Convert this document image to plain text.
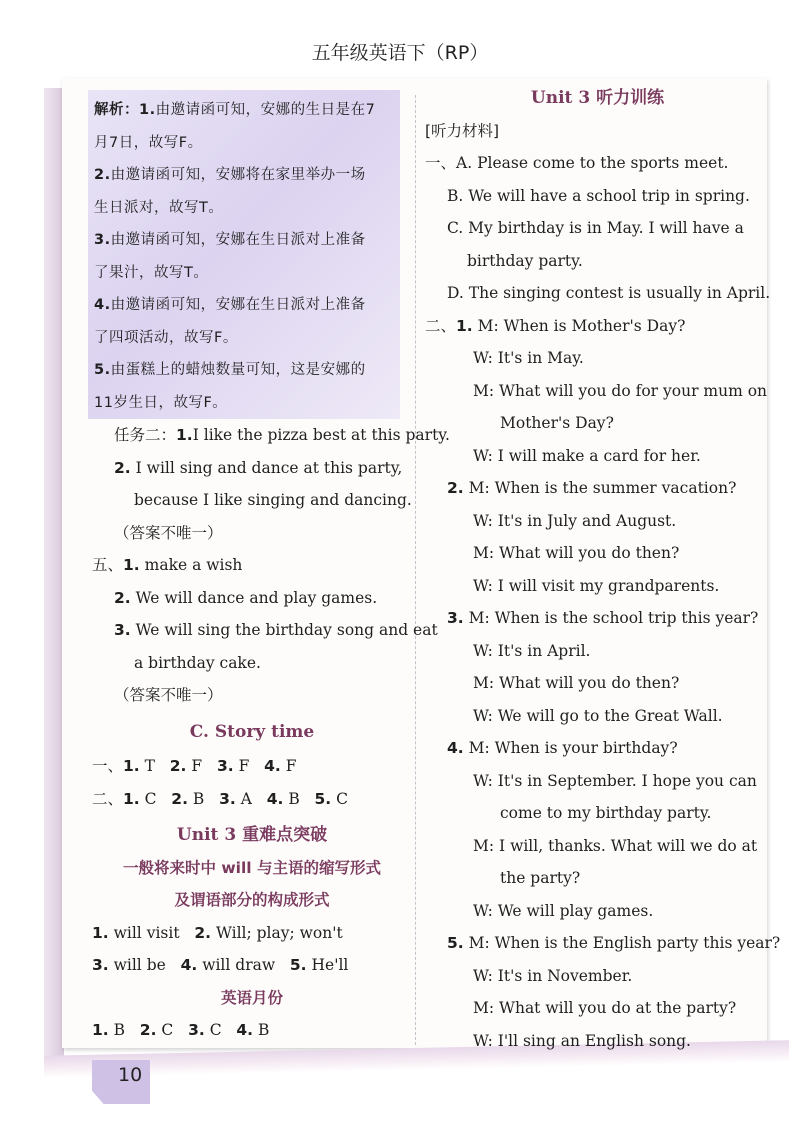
五年级英语下（RP）
10
解析：1.由邀请函可知，安娜的生日是在7
月7日，故写F。
2.由邀请函可知，安娜将在家里举办一场
生日派对，故写T。
3.由邀请函可知，安娜在生日派对上准备
了果汁，故写T。
4.由邀请函可知，安娜在生日派对上准备
了四项活动，故写F。
5.由蛋糕上的蜡烛数量可知，这是安娜的
11岁生日，故写F。
任务二：1.I like the pizza best at this party.
2. I will sing and dance at this party,
because I like singing and dancing.
（答案不唯一）
五、1. make a wish
2. We will dance and play games.
3. We will sing the birthday song and eat
a birthday cake.
（答案不唯一）
C. Story time
一、1. T 2. F 3. F 4. F
二、1. C 2. B 3. A 4. B 5. C
Unit 3 重难点突破
一般将来时中 will 与主语的缩写形式
及谓语部分的构成形式
1. will visit 2. Will; play; won't
3. will be 4. will draw 5. He'll
英语月份
1. B 2. C 3. C 4. B
Unit 3 听力训练
[听力材料]
一、A. Please come to the sports meet.
B. We will have a school trip in spring.
C. My birthday is in May. I will have a
birthday party.
D. The singing contest is usually in April.
二、1. M: When is Mother's Day?
W: It's in May.
M: What will you do for your mum on
Mother's Day?
W: I will make a card for her.
2. M: When is the summer vacation?
W: It's in July and August.
M: What will you do then?
W: I will visit my grandparents.
3. M: When is the school trip this year?
W: It's in April.
M: What will you do then?
W: We will go to the Great Wall.
4. M: When is your birthday?
W: It's in September. I hope you can
come to my birthday party.
M: I will, thanks. What will we do at
the party?
W: We will play games.
5. M: When is the English party this year?
W: It's in November.
M: What will you do at the party?
W: I'll sing an English song.
